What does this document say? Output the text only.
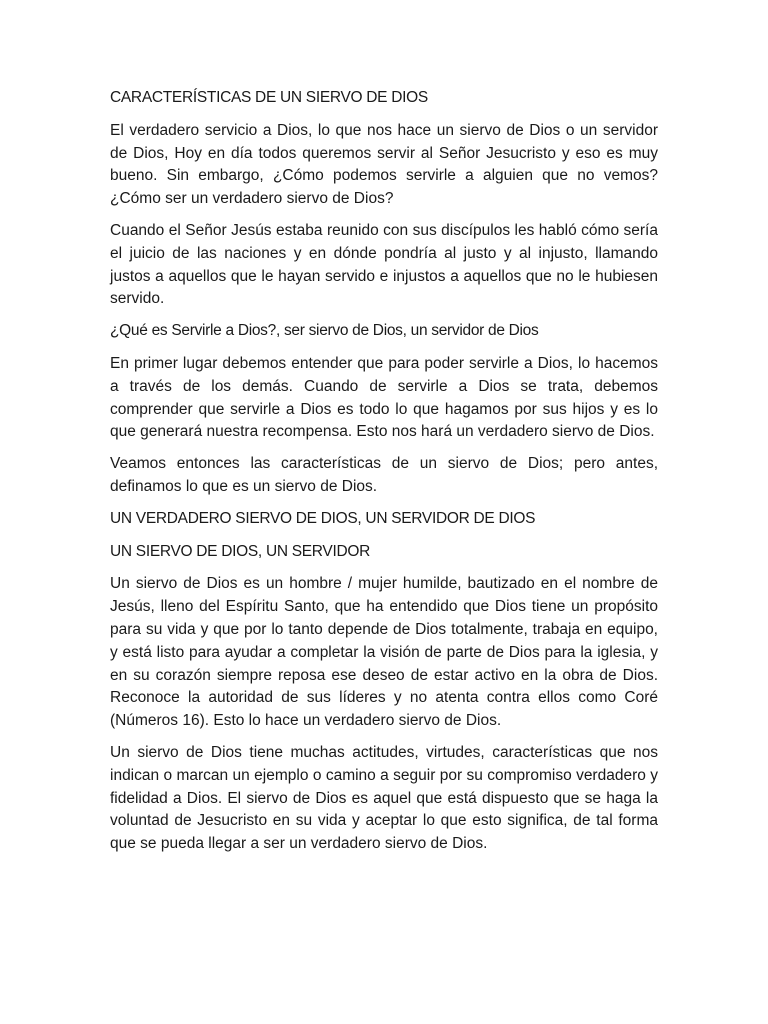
CARACTERÍSTICAS DE UN SIERVO DE DIOS

El verdadero servicio a Dios, lo que nos hace un siervo de Dios o un servidor de Dios, Hoy en día todos queremos servir al Señor Jesucristo y eso es muy bueno. Sin embargo, ¿Cómo podemos servirle a alguien que no vemos? ¿Cómo ser un verdadero siervo de Dios?

Cuando el Señor Jesús estaba reunido con sus discípulos les habló cómo sería el juicio de las naciones y en dónde pondría al justo y al injusto, llamando justos a aquellos que le hayan servido e injustos a aquellos que no le hubiesen servido.

¿Qué es Servirle a Dios?, ser siervo de Dios, un servidor de Dios

En primer lugar debemos entender que para poder servirle a Dios, lo hacemos a través de los demás. Cuando de servirle a Dios se trata, debemos comprender que servirle a Dios es todo lo que hagamos por sus hijos y es lo que generará nuestra recompensa. Esto nos hará un verdadero siervo de Dios.

Veamos entonces las características de un siervo de Dios; pero antes, definamos lo que es un siervo de Dios.

UN VERDADERO SIERVO DE DIOS, UN SERVIDOR DE DIOS
UN SIERVO DE DIOS, UN SERVIDOR

Un siervo de Dios es un hombre / mujer humilde, bautizado en el nombre de Jesús, lleno del Espíritu Santo, que ha entendido que Dios tiene un propósito para su vida y que por lo tanto depende de Dios totalmente, trabaja en equipo, y está listo para ayudar a completar la visión de parte de Dios para la iglesia, y en su corazón siempre reposa ese deseo de estar activo en la obra de Dios. Reconoce la autoridad de sus líderes y no atenta contra ellos como Coré (Números 16). Esto lo hace un verdadero siervo de Dios.

Un siervo de Dios tiene muchas actitudes, virtudes, características que nos indican o marcan un ejemplo o camino a seguir por su compromiso verdadero y fidelidad a Dios. El siervo de Dios es aquel que está dispuesto que se haga la voluntad de Jesucristo en su vida y aceptar lo que esto significa, de tal forma que se pueda llegar a ser un verdadero siervo de Dios.
